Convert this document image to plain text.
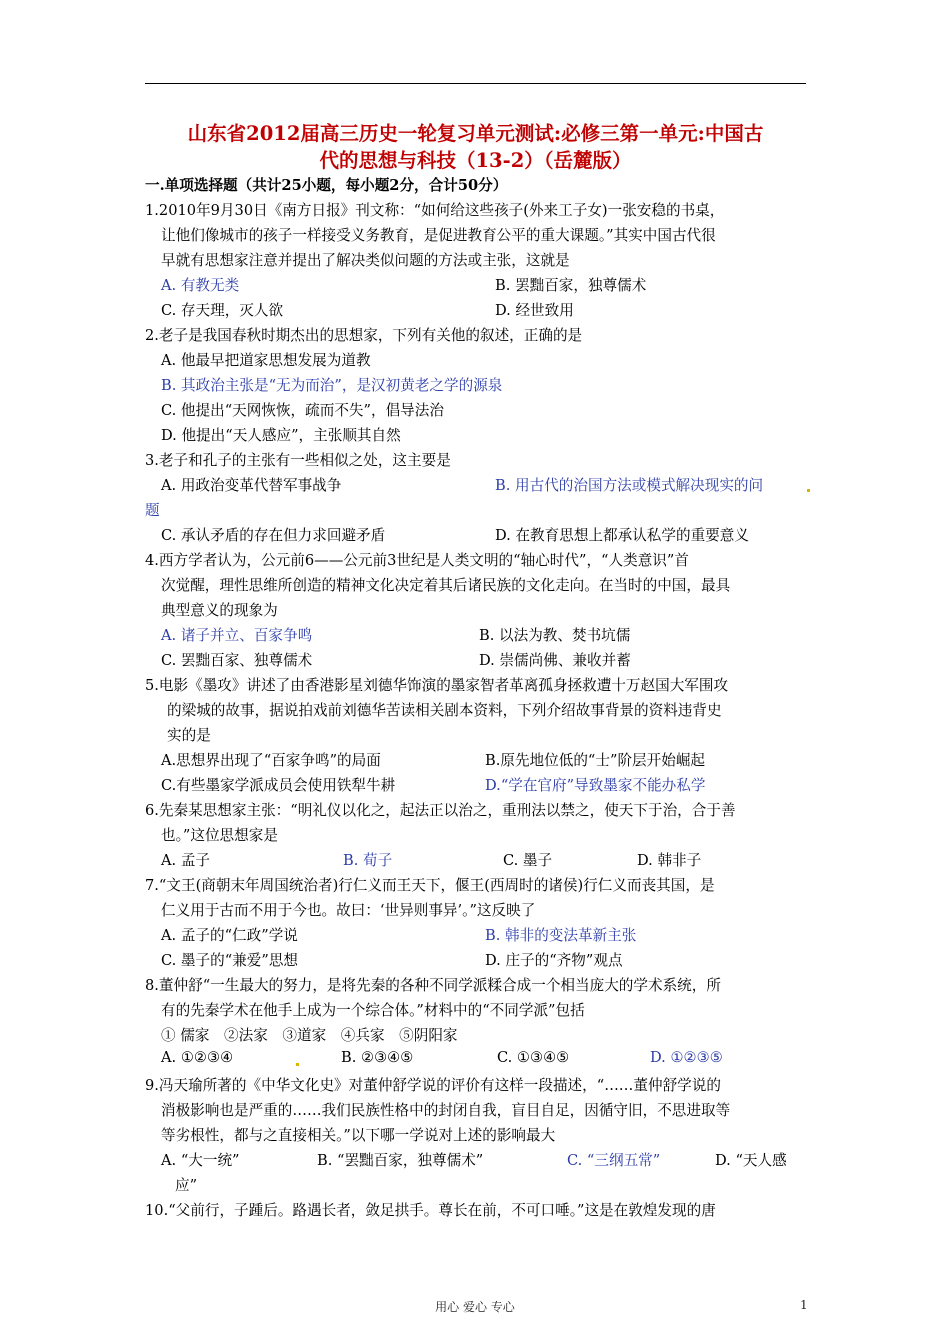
山东省2012届高三历史一轮复习单元测试:必修三第一单元:中国古
代的思想与科技（13-2）（岳麓版）
一.单项选择题（共计25小题，每小题2分，合计50分）
1.2010年9月30日《南方日报》刊文称：“如何给这些孩子(外来工子女)一张安稳的书桌，
让他们像城市的孩子一样接受义务教育，是促进教育公平的重大课题。”其实中国古代很
早就有思想家注意并提出了解决类似问题的方法或主张，这就是
A. 有教无类	B. 罢黜百家，独尊儒术
C. 存天理，灭人欲	D. 经世致用
2.老子是我国春秋时期杰出的思想家，下列有关他的叙述，正确的是
A. 他最早把道家思想发展为道教
B. 其政治主张是“无为而治”，是汉初黄老之学的源泉
C. 他提出“天网恢恢，疏而不失”，倡导法治
D. 他提出“天人感应”，主张顺其自然
3.老子和孔子的主张有一些相似之处，这主要是
A. 用政治变革代替军事战争	B. 用古代的治国方法或模式解决现实的问
题
C. 承认矛盾的存在但力求回避矛盾	D. 在教育思想上都承认私学的重要意义
4.西方学者认为，公元前6——公元前3世纪是人类文明的“轴心时代”，“人类意识”首
次觉醒，理性思维所创造的精神文化决定着其后诸民族的文化走向。在当时的中国，最具
典型意义的现象为
A. 诸子并立、百家争鸣	B. 以法为教、焚书坑儒
C. 罢黜百家、独尊儒术	D. 崇儒尚佛、兼收并蓄
5.电影《墨攻》讲述了由香港影星刘德华饰演的墨家智者革离孤身拯救遭十万赵国大军围攻
的梁城的故事，据说拍戏前刘德华苦读相关剧本资料，下列介绍故事背景的资料违背史
实的是
A.思想界出现了“百家争鸣”的局面	B.原先地位低的“士”阶层开始崛起
C.有些墨家学派成员会使用铁犁牛耕	D.“学在官府”导致墨家不能办私学
6.先秦某思想家主张：“明礼仪以化之，起法正以治之，重刑法以禁之，使天下于治，合于善
也。”这位思想家是
A. 孟子	B. 荀子	C. 墨子	D. 韩非子
7.“文王(商朝末年周国统治者)行仁义而王天下，偃王(西周时的诸侯)行仁义而丧其国，是
仁义用于古而不用于今也。故曰：‘世异则事异’。”这反映了
A. 孟子的“仁政”学说	B. 韩非的变法革新主张
C. 墨子的“兼爱”思想	D. 庄子的“齐物”观点
8.董仲舒“一生最大的努力，是将先秦的各种不同学派糅合成一个相当庞大的学术系统，所
有的先秦学术在他手上成为一个综合体。”材料中的“不同学派”包括
① 儒家　②法家　③道家　④兵家　⑤阴阳家
A. ①②③④	B. ②③④⑤	C. ①③④⑤	D. ①②③⑤
9.冯天瑜所著的《中华文化史》对董仲舒学说的评价有这样一段描述，“……董仲舒学说的
消极影响也是严重的……我们民族性格中的封闭自我，盲目自足，因循守旧，不思进取等
等劣根性，都与之直接相关。”以下哪一学说对上述的影响最大
A. “大一统”	B. “罢黜百家，独尊儒术”	C. “三纲五常”	D. “天人感
应”
10.“父前行，子踵后。路遇长者，敛足拱手。尊长在前，不可口唾。”这是在敦煌发现的唐
用心 爱心 专心	1
